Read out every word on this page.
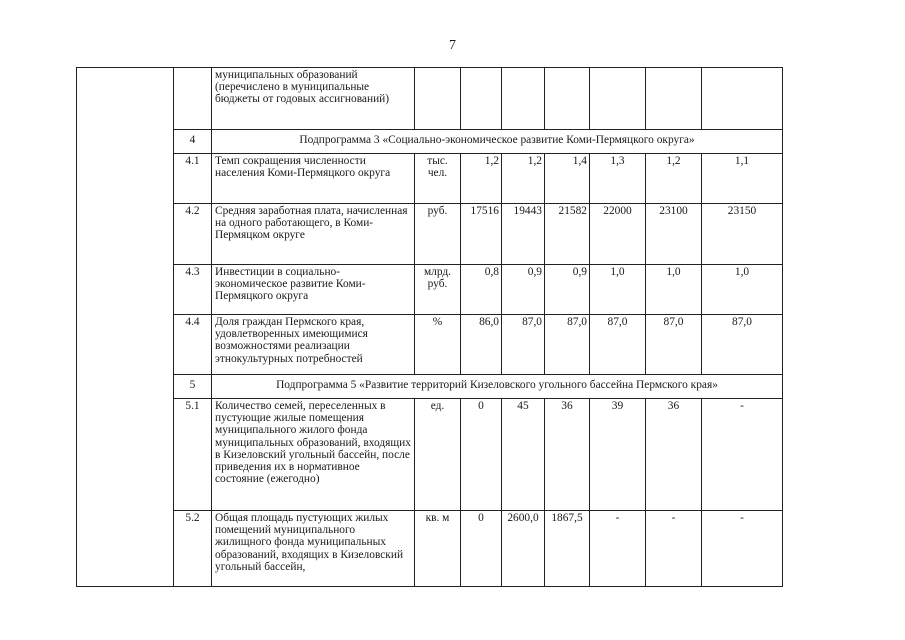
7
		муниципальных образований (перечислено в муниципальные бюджеты от годовых ассигнований)							
	4	Подпрограмма 3 «Социально-экономическое развитие Коми-Пермяцкого округа»							
	4.1	Темп сокращения численности населения Коми-Пермяцкого округа	тыс. чел.	1,2	1,2	1,4	1,3	1,2	1,1
	4.2	Средняя заработная плата, начисленная на одного работающего, в Коми-Пермяцком округе	руб.	17516	19443	21582	22000	23100	23150
	4.3	Инвестиции в социально-экономическое развитие Коми-Пермяцкого округа	млрд. руб.	0,8	0,9	0,9	1,0	1,0	1,0
	4.4	Доля граждан Пермского края, удовлетворенных имеющимися возможностями реализации этнокультурных потребностей	%	86,0	87,0	87,0	87,0	87,0	87,0
	5	Подпрограмма 5 «Развитие территорий Кизеловского угольного бассейна Пермского края»							
	5.1	Количество семей, переселенных в пустующие жилые помещения муниципального жилого фонда муниципальных образований, входящих в Кизеловский угольный бассейн, после приведения их в нормативное состояние (ежегодно)	ед.	0	45	36	39	36	-
	5.2	Общая площадь пустующих жилых помещений муниципального жилищного фонда муниципальных образований, входящих в Кизеловский угольный бассейн,	кв. м	0	2600,0	1867,5	-	-	-
